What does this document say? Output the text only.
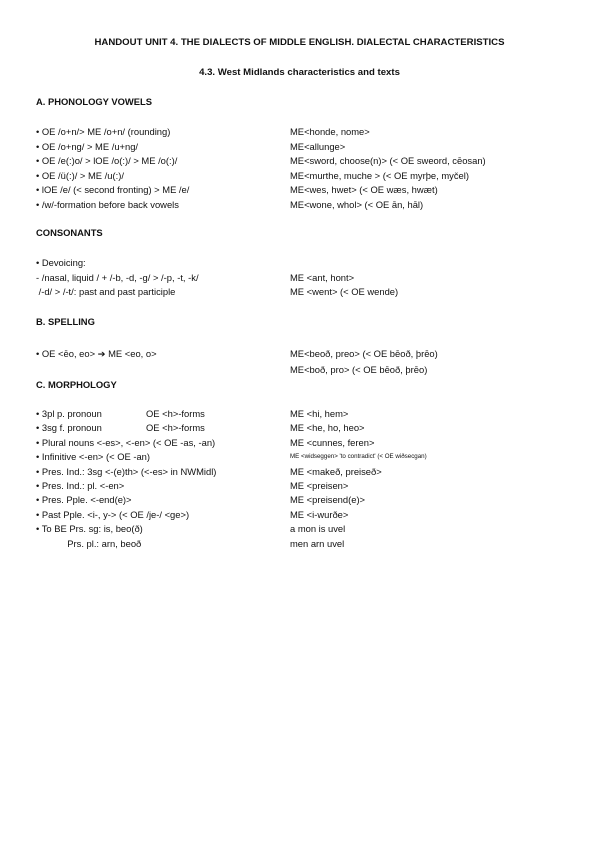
HANDOUT UNIT 4. THE DIALECTS OF MIDDLE ENGLISH. DIALECTAL CHARACTERISTICS
4.3. West Midlands characteristics and texts
A. PHONOLOGY VOWELS
• OE /o+n/> ME /o+n/ (rounding)	ME<honde, nome>
• OE /o+ng/ > ME /u+ng/	ME<allunge>
• OE /e(:)o/ > lOE /o(:)/ > ME /o(:)/	ME<sword, choose(n)> (< OE sweord, cēosan)
• OE /ü(:)/ > ME /u(:)/	ME<murthe, muche > (< OE myrþe, myčel)
• lOE /e/ (< second fronting) > ME /e/	ME<wes, hwet> (< OE wæs, hwæt)
• /w/-formation before back vowels	ME<wone, whol> (< OE ān, hāl)
CONSONANTS
• Devoicing:
- /nasal, liquid / + /-b, -d, -g/ > /-p, -t, -k/	ME <ant, hont>
/-d/ > /-t/: past and past participle	ME <went> (< OE wende)
B. SPELLING
• OE <ēo, eo> ➔ ME <eo, o>	ME<beoð, preo> (< OE bēoð, þrēo)
ME<boð, pro> (< OE bēoð, þrēo)
C. MORPHOLOGY
• 3pl p. pronoun	OE <h>-forms	ME <hi, hem>
• 3sg f. pronoun	OE <h>-forms	ME <he, ho, heo>
• Plural nouns <-es>, <-en> (< OE -as, -an)	ME <cunnes, feren>
• Infinitive <-en> (< OE -an)	ME <widseggen> 'to contradict' (< OE wiðsecgan)
• Pres. Ind.: 3sg <-(e)th> (<-es> in NWMidl)	ME <makeð, preiseð>
• Pres. Ind.: pl. <-en>	ME <preisen>
• Pres. Pple. <-end(e)>	ME <preisend(e)>
• Past Pple. <i-, y-> (< OE /je-/ <ge>)	ME <i-wurðe>
• To BE Prs. sg: is, beo(ð)	a mon is uvel
Prs. pl.: arn, beoð	men arn uvel
